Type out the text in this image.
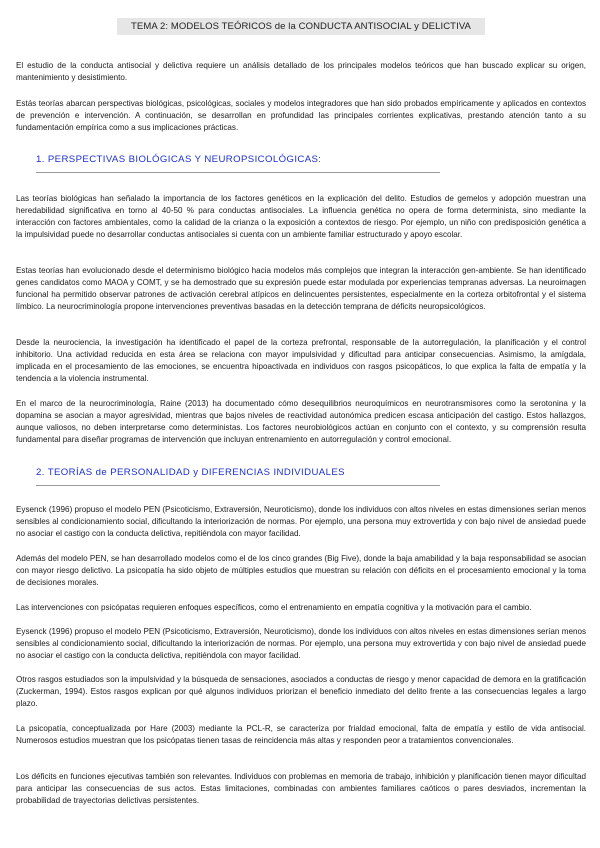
TEMA 2: MODELOS TEÓRICOS de la CONDUCTA ANTISOCIAL y DELICTIVA

El estudio de la conducta antisocial y delictiva requiere un análisis detallado de los principales modelos teóricos que han buscado explicar su origen, mantenimiento y desistimiento.

Estás teorías abarcan perspectivas biológicas, psicológicas, sociales y modelos integradores que han sido probados empíricamente y aplicados en contextos de prevención e intervención. A continuación, se desarrollan en profundidad las principales corrientes explicativas, prestando atención tanto a su fundamentación empírica como a sus implicaciones prácticas.

1. PERSPECTIVAS BIOLÓGICAS Y NEUROPSICOLÓGICAS:

Las teorías biológicas han señalado la importancia de los factores genéticos en la explicación del delito. Estudios de gemelos y adopción muestran una heredabilidad significativa en torno al 40-50 % para conductas antisociales. La influencia genética no opera de forma determinista, sino mediante la interacción con factores ambientales, como la calidad de la crianza o la exposición a contextos de riesgo. Por ejemplo, un niño con predisposición genética a la impulsividad puede no desarrollar conductas antisociales si cuenta con un ambiente familiar estructurado y apoyo escolar.

Estas teorías han evolucionado desde el determinismo biológico hacia modelos más complejos que integran la interacción gen-ambiente. Se han identificado genes candidatos como MAOA y COMT, y se ha demostrado que su expresión puede estar modulada por experiencias tempranas adversas. La neuroimagen funcional ha permitido observar patrones de activación cerebral atípicos en delincuentes persistentes, especialmente en la corteza orbitofrontal y el sistema límbico. La neurocriminología propone intervenciones preventivas basadas en la detección temprana de déficits neuropsicológicos.

Desde la neurociencia, la investigación ha identificado el papel de la corteza prefrontal, responsable de la autorregulación, la planificación y el control inhibitorio. Una actividad reducida en esta área se relaciona con mayor impulsividad y dificultad para anticipar consecuencias. Asimismo, la amígdala, implicada en el procesamiento de las emociones, se encuentra hipoactivada en individuos con rasgos psicopáticos, lo que explica la falta de empatía y la tendencia a la violencia instrumental.

En el marco de la neurocriminología, Raine (2013) ha documentado cómo desequilibrios neuroquímicos en neurotransmisores como la serotonina y la dopamina se asocian a mayor agresividad, mientras que bajos niveles de reactividad autonómica predicen escasa anticipación del castigo. Estos hallazgos, aunque valiosos, no deben interpretarse como deterministas. Los factores neurobiológicos actúan en conjunto con el contexto, y su comprensión resulta fundamental para diseñar programas de intervención que incluyan entrenamiento en autorregulación y control emocional.

2. TEORÍAS de PERSONALIDAD y DIFERENCIAS INDIVIDUALES

Eysenck (1996) propuso el modelo PEN (Psicoticismo, Extraversión, Neuroticismo), donde los individuos con altos niveles en estas dimensiones serían menos sensibles al condicionamiento social, dificultando la interiorización de normas. Por ejemplo, una persona muy extrovertida y con bajo nivel de ansiedad puede no asociar el castigo con la conducta delictiva, repitiéndola con mayor facilidad.

Además del modelo PEN, se han desarrollado modelos como el de los cinco grandes (Big Five), donde la baja amabilidad y la baja responsabilidad se asocian con mayor riesgo delictivo. La psicopatía ha sido objeto de múltiples estudios que muestran su relación con déficits en el procesamiento emocional y la toma de decisiones morales.

Las intervenciones con psicópatas requieren enfoques específicos, como el entrenamiento en empatía cognitiva y la motivación para el cambio.

Eysenck (1996) propuso el modelo PEN (Psicoticismo, Extraversión, Neuroticismo), donde los individuos con altos niveles en estas dimensiones serían menos sensibles al condicionamiento social, dificultando la interiorización de normas. Por ejemplo, una persona muy extrovertida y con bajo nivel de ansiedad puede no asociar el castigo con la conducta delictiva, repitiéndola con mayor facilidad.

Otros rasgos estudiados son la impulsividad y la búsqueda de sensaciones, asociados a conductas de riesgo y menor capacidad de demora en la gratificación (Zuckerman, 1994). Estos rasgos explican por qué algunos individuos priorizan el beneficio inmediato del delito frente a las consecuencias legales a largo plazo.

La psicopatía, conceptualizada por Hare (2003) mediante la PCL-R, se caracteriza por frialdad emocional, falta de empatía y estilo de vida antisocial. Numerosos estudios muestran que los psicópatas tienen tasas de reincidencia más altas y responden peor a tratamientos convencionales.

Los déficits en funciones ejecutivas también son relevantes. Individuos con problemas en memoria de trabajo, inhibición y planificación tienen mayor dificultad para anticipar las consecuencias de sus actos. Estas limitaciones, combinadas con ambientes familiares caóticos o pares desviados, incrementan la probabilidad de trayectorias delictivas persistentes.
